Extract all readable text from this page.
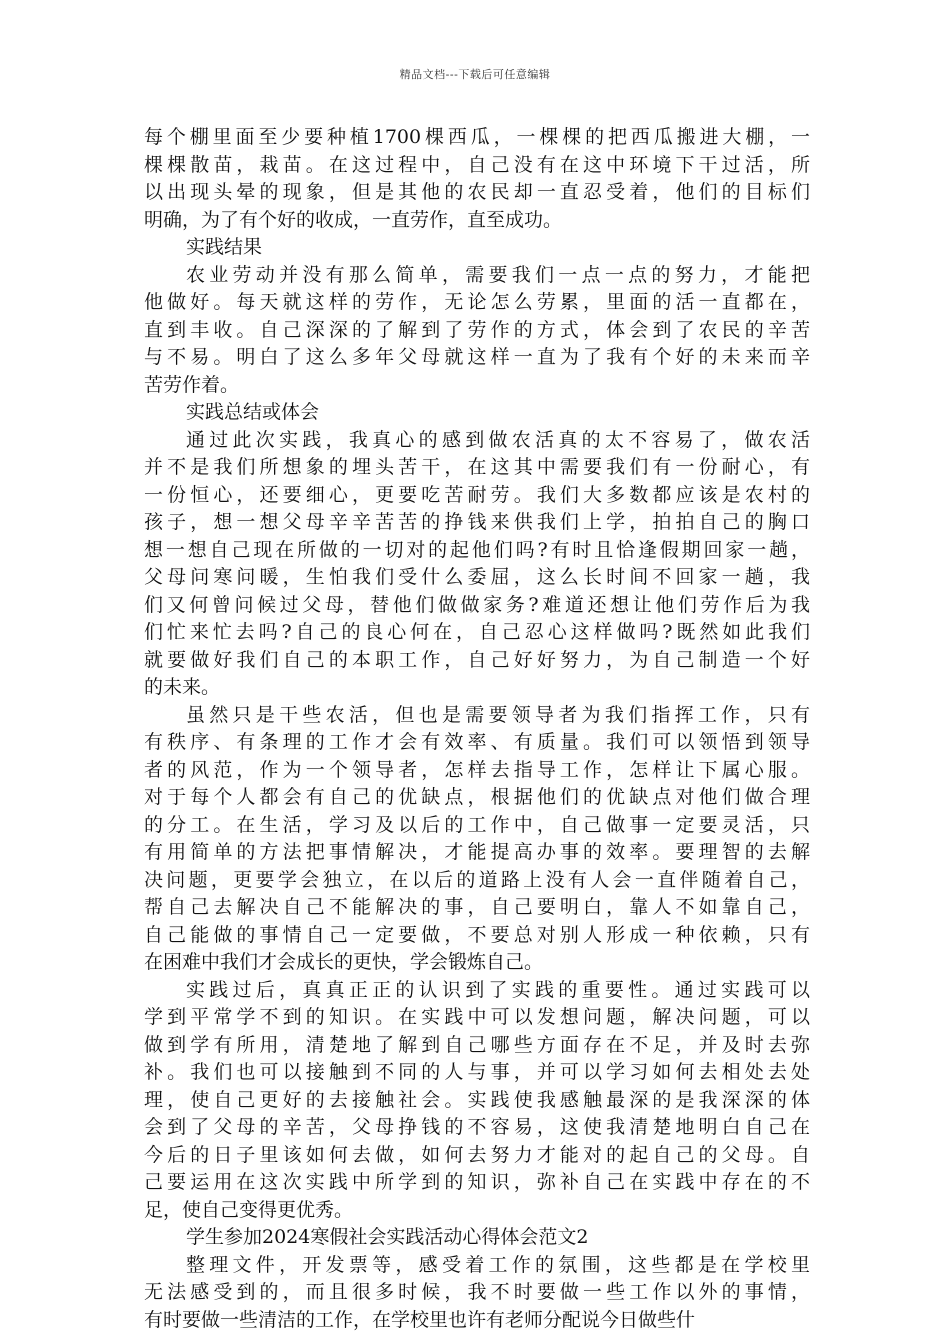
精品文档---下载后可任意编辑
每个棚里面至少要种植1700棵西瓜，一棵棵的把西瓜搬进大棚，一
棵棵散苗，栽苗。在这过程中，自己没有在这中环境下干过活，所
以出现头晕的现象，但是其他的农民却一直忍受着，他们的目标们
明确，为了有个好的收成，一直劳作，直至成功。
实践结果
农业劳动并没有那么简单，需要我们一点一点的努力，才能把
他做好。每天就这样的劳作，无论怎么劳累，里面的活一直都在，
直到丰收。自己深深的了解到了劳作的方式，体会到了农民的辛苦
与不易。明白了这么多年父母就这样一直为了我有个好的未来而辛
苦劳作着。
实践总结或体会
通过此次实践，我真心的感到做农活真的太不容易了，做农活
并不是我们所想象的埋头苦干，在这其中需要我们有一份耐心，有
一份恒心，还要细心，更要吃苦耐劳。我们大多数都应该是农村的
孩子，想一想父母辛辛苦苦的挣钱来供我们上学，拍拍自己的胸口
想一想自己现在所做的一切对的起他们吗?有时且恰逢假期回家一趟，
父母问寒问暖，生怕我们受什么委屈，这么长时间不回家一趟，我
们又何曾问候过父母，替他们做做家务?难道还想让他们劳作后为我
们忙来忙去吗?自己的良心何在，自己忍心这样做吗?既然如此我们
就要做好我们自己的本职工作，自己好好努力，为自己制造一个好
的未来。
虽然只是干些农活，但也是需要领导者为我们指挥工作，只有
有秩序、有条理的工作才会有效率、有质量。我们可以领悟到领导
者的风范，作为一个领导者，怎样去指导工作，怎样让下属心服。
对于每个人都会有自己的优缺点，根据他们的优缺点对他们做合理
的分工。在生活，学习及以后的工作中，自己做事一定要灵活，只
有用简单的方法把事情解决，才能提高办事的效率。要理智的去解
决问题，更要学会独立，在以后的道路上没有人会一直伴随着自己，
帮自己去解决自己不能解决的事，自己要明白，靠人不如靠自己，
自己能做的事情自己一定要做，不要总对别人形成一种依赖，只有
在困难中我们才会成长的更快，学会锻炼自己。
实践过后，真真正正的认识到了实践的重要性。通过实践可以
学到平常学不到的知识。在实践中可以发想问题，解决问题，可以
做到学有所用，清楚地了解到自己哪些方面存在不足，并及时去弥
补。我们也可以接触到不同的人与事，并可以学习如何去相处去处
理，使自己更好的去接触社会。实践使我感触最深的是我深深的体
会到了父母的辛苦，父母挣钱的不容易，这使我清楚地明白自己在
今后的日子里该如何去做，如何去努力才能对的起自己的父母。自
己要运用在这次实践中所学到的知识，弥补自己在实践中存在的不
足，使自己变得更优秀。
学生参加2024寒假社会实践活动心得体会范文2
整理文件，开发票等，感受着工作的氛围，这些都是在学校里
无法感受到的，而且很多时候，我不时要做一些工作以外的事情，
有时要做一些清洁的工作，在学校里也许有老师分配说今日做些什
